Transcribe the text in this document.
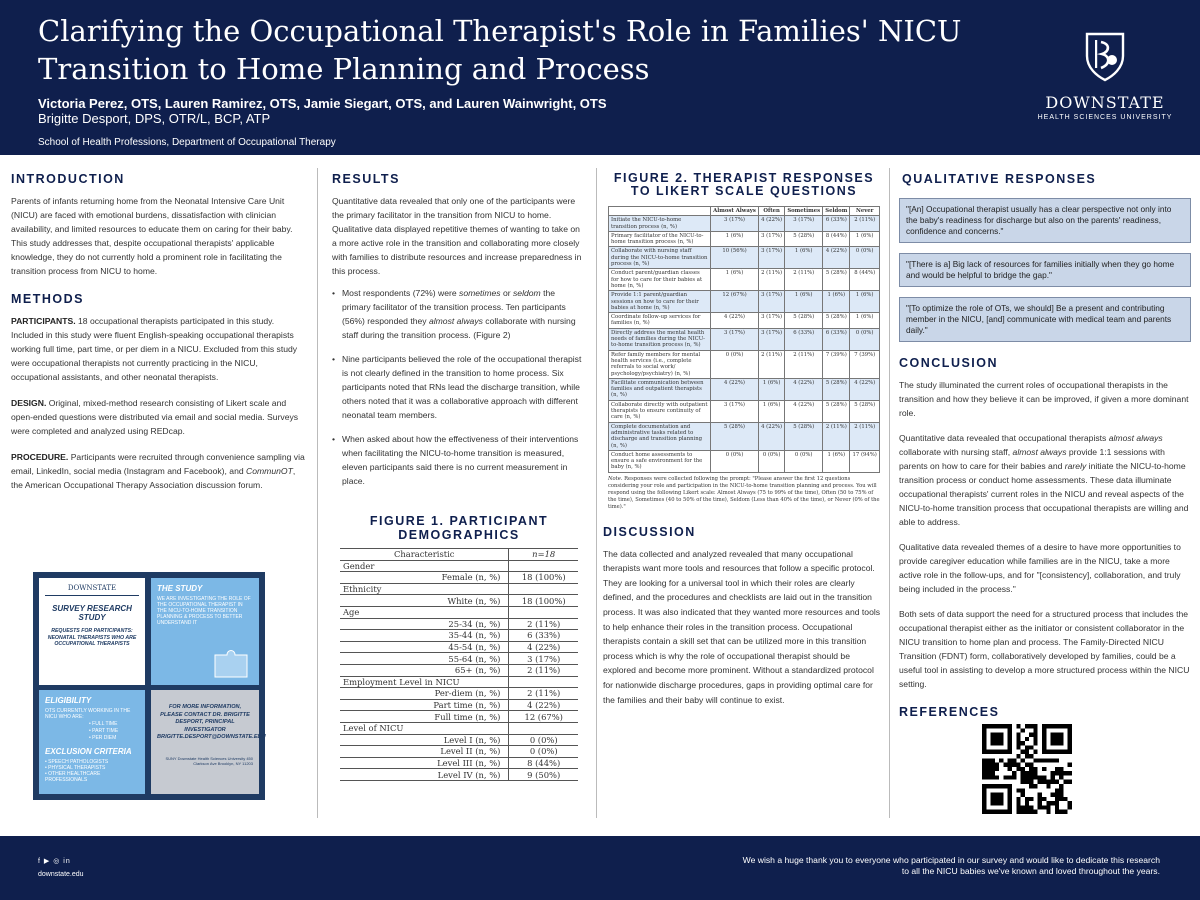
Clarifying the Occupational Therapist's Role in Families' NICU
Transition to Home Planning and Process
Victoria Perez, OTS, Lauren Ramirez, OTS, Jamie Siegart, OTS, and Lauren Wainwright, OTS
Brigitte Desport, DPS, OTR/L, BCP, ATP
School of Health Professions, Department of Occupational Therapy
DOWNSTATE
HEALTH SCIENCES UNIVERSITY
INTRODUCTION
Parents of infants returning home from the Neonatal Intensive Care Unit (NICU) are faced with emotional burdens, dissatisfaction with clinician availability, and limited resources to educate them on caring for their baby. This study addresses that, despite occupational therapists' applicable knowledge, they do not currently hold a prominent role in facilitating the transition process from NICU to home.
METHODS
PARTICIPANTS. 18 occupational therapists participated in this study. Included in this study were fluent English-speaking occupational therapists working full time, part time, or per diem in a NICU. Excluded from this study were occupational therapists not currently practicing in the NICU, occupational assistants, and other neonatal therapists.
DESIGN. Original, mixed-method research consisting of Likert scale and open-ended questions were distributed via email and social media. Surveys were completed and analyzed using REDcap.
PROCEDURE. Participants were recruited through convenience sampling via email, LinkedIn, social media (Instagram and Facebook), and CommunOT, the American Occupational Therapy Association discussion forum.
DOWNSTATE
SURVEY RESEARCH STUDY
REQUESTS FOR PARTICIPANTS: NEONATAL THERAPISTS WHO ARE OCCUPATIONAL THERAPISTS
THE STUDY
WE ARE INVESTIGATING THE ROLE OF THE OCCUPATIONAL THERAPIST IN THE NICU-TO-HOME TRANSITION PLANNING & PROCESS TO BETTER UNDERSTAND IT
ELIGIBILITY
OTS CURRENTLY WORKING IN THE NICU WHO ARE:
• FULL TIME
• PART TIME
• PER DIEM
EXCLUSION CRITERIA
• SPEECH PATHOLOGISTS
• PHYSICAL THERAPISTS
• OTHER HEALTHCARE PROFESSIONALS
FOR MORE INFORMATION, PLEASE CONTACT DR. BRIGITTE DESPORT, PRINCIPAL INVESTIGATOR BRIGITTE.DESPORT@DOWNSTATE.EDU
SUNY Downstate Health Sciences University 450 Clarkson Ave Brooklyn, NY 11203
RESULTS
Quantitative data revealed that only one of the participants were the primary facilitator in the transition from NICU to home. Qualitative data displayed repetitive themes of wanting to take on a more active role in the transition and collaborating more closely with families to distribute resources and increase preparedness in this process.
• Most respondents (72%) were sometimes or seldom the primary facilitator of the transition process. Ten participants (56%) responded they almost always collaborate with nursing staff during the transition process. (Figure 2)
• Nine participants believed the role of the occupational therapist is not clearly defined in the transition to home process. Six participants noted that RNs lead the discharge transition, while others noted that it was a collaborative approach with different neonatal team members.
• When asked about how the effectiveness of their interventions when facilitating the NICU-to-home transition is measured, eleven participants said there is no current measurement in place.
FIGURE 1. PARTICIPANT DEMOGRAPHICS
Characteristic	n=18
Gender	
Female (n, %)	18 (100%)
Ethnicity	
White (n, %)	18 (100%)
Age	
25-34 (n, %)	2 (11%)
35-44 (n, %)	6 (33%)
45-54 (n, %)	4 (22%)
55-64 (n, %)	3 (17%)
65+ (n, %)	2 (11%)
Employment Level in NICU	
Per-diem (n, %)	2 (11%)
Part time (n, %)	4 (22%)
Full time (n, %)	12 (67%)
Level of NICU	
Level I (n, %)	0 (0%)
Level II (n, %)	0 (0%)
Level III (n, %)	8 (44%)
Level IV (n, %)	9 (50%)
FIGURE 2. THERAPIST RESPONSES TO LIKERT SCALE QUESTIONS
	Almost Always	Often	Sometimes	Seldom	Never
Initiate the NICU-to-home transition process (n, %)	3 (17%)	4 (22%)	3 (17%)	6 (33%)	2 (11%)
Primary facilitator of the NICU-to-home transition process (n, %)	1 (6%)	3 (17%)	5 (28%)	8 (44%)	1 (6%)
Collaborate with nursing staff during the NICU-to-home transition process (n, %)	10 (56%)	3 (17%)	1 (6%)	4 (22%)	0 (0%)
Conduct parent/guardian classes for how to care for their babies at home (n, %)	1 (6%)	2 (11%)	2 (11%)	5 (28%)	8 (44%)
Provide 1:1 parent/guardian sessions on how to care for their babies at home (n, %)	12 (67%)	3 (17%)	1 (6%)	1 (6%)	1 (6%)
Coordinate follow-up services for families (n, %)	4 (22%)	3 (17%)	5 (28%)	5 (28%)	1 (6%)
Directly address the mental health needs of families during the NICU-to-home transition process (n, %)	3 (17%)	3 (17%)	6 (33%)	6 (33%)	0 (0%)
Refer family members for mental health services (i.e., complete referrals to social work/ psychology/psychiatry) (n, %)	0 (0%)	2 (11%)	2 (11%)	7 (39%)	7 (39%)
Facilitate communication between families and outpatient therapists (n, %)	4 (22%)	1 (6%)	4 (22%)	5 (28%)	4 (22%)
Collaborate directly with outpatient therapists to ensure continuity of care (n, %)	3 (17%)	1 (6%)	4 (22%)	5 (28%)	5 (28%)
Complete documentation and administrative tasks related to discharge and transition planning (n, %)	5 (28%)	4 (22%)	5 (28%)	2 (11%)	2 (11%)
Conduct home assessments to ensure a safe environment for the baby (n, %)	0 (0%)	0 (0%)	0 (0%)	1 (6%)	17 (94%)
Note. Responses were collected following the prompt: "Please answer the first 12 questions considering your role and participation in the NICU-to-home transition planning and process. You will respond using the following Likert scale: Almost Always (75 to 99% of the time), Often (50 to 75% of the time), Sometimes (40 to 50% of the time), Seldom (Less than 40% of the time), or Never (0% of the time)."
DISCUSSION
The data collected and analyzed revealed that many occupational therapists want more tools and resources that follow a specific protocol. They are looking for a universal tool in which their roles are clearly defined, and the procedures and checklists are laid out in the transition process. It was also indicated that they wanted more resources and tools to help enhance their roles in the transition process. Occupational therapists contain a skill set that can be utilized more in this transition process which is why the role of occupational therapist should be explored and become more prominent. Without a standardized protocol for nationwide discharge procedures, gaps in providing optimal care for the families and their baby will continue to exist.
QUALITATIVE RESPONSES
"[An] Occupational therapist usually has a clear perspective not only into the baby's readiness for discharge but also on the parents' readiness, confidence and concerns."
"[There is a] Big lack of resources for families initially when they go home and would be helpful to bridge the gap."
"[To optimize the role of OTs, we should] Be a present and contributing member in the NICU, [and] communicate with medical team and parents daily."
CONCLUSION
The study illuminated the current roles of occupational therapists in the transition and how they believe it can be improved, if given a more dominant role.
Quantitative data revealed that occupational therapists almost always collaborate with nursing staff, almost always provide 1:1 sessions with parents on how to care for their babies and rarely initiate the NICU-to-home transition process or conduct home assessments. These data illuminate occupational therapists' current roles in the NICU and reveal aspects of the NICU-to-home transition process that occupational therapists are willing and able to address.
Qualitative data revealed themes of a desire to have more opportunities to provide caregiver education while families are in the NICU, take a more active role in the follow-ups, and for "[consistency], collaboration, and truly being included in the process."
Both sets of data support the need for a structured process that includes the occupational therapist either as the initiator or consistent collaborator in the NICU transition to home plan and process. The Family-Directed NICU Transition (FDNT) form, collaboratively developed by families, could be a useful tool in assisting to develop a more structured process within the NICU setting.
REFERENCES
f ▶ ◎ in
downstate.edu
We wish a huge thank you to everyone who participated in our survey and would like to dedicate this research
to all the NICU babies we've known and loved throughout the years.
